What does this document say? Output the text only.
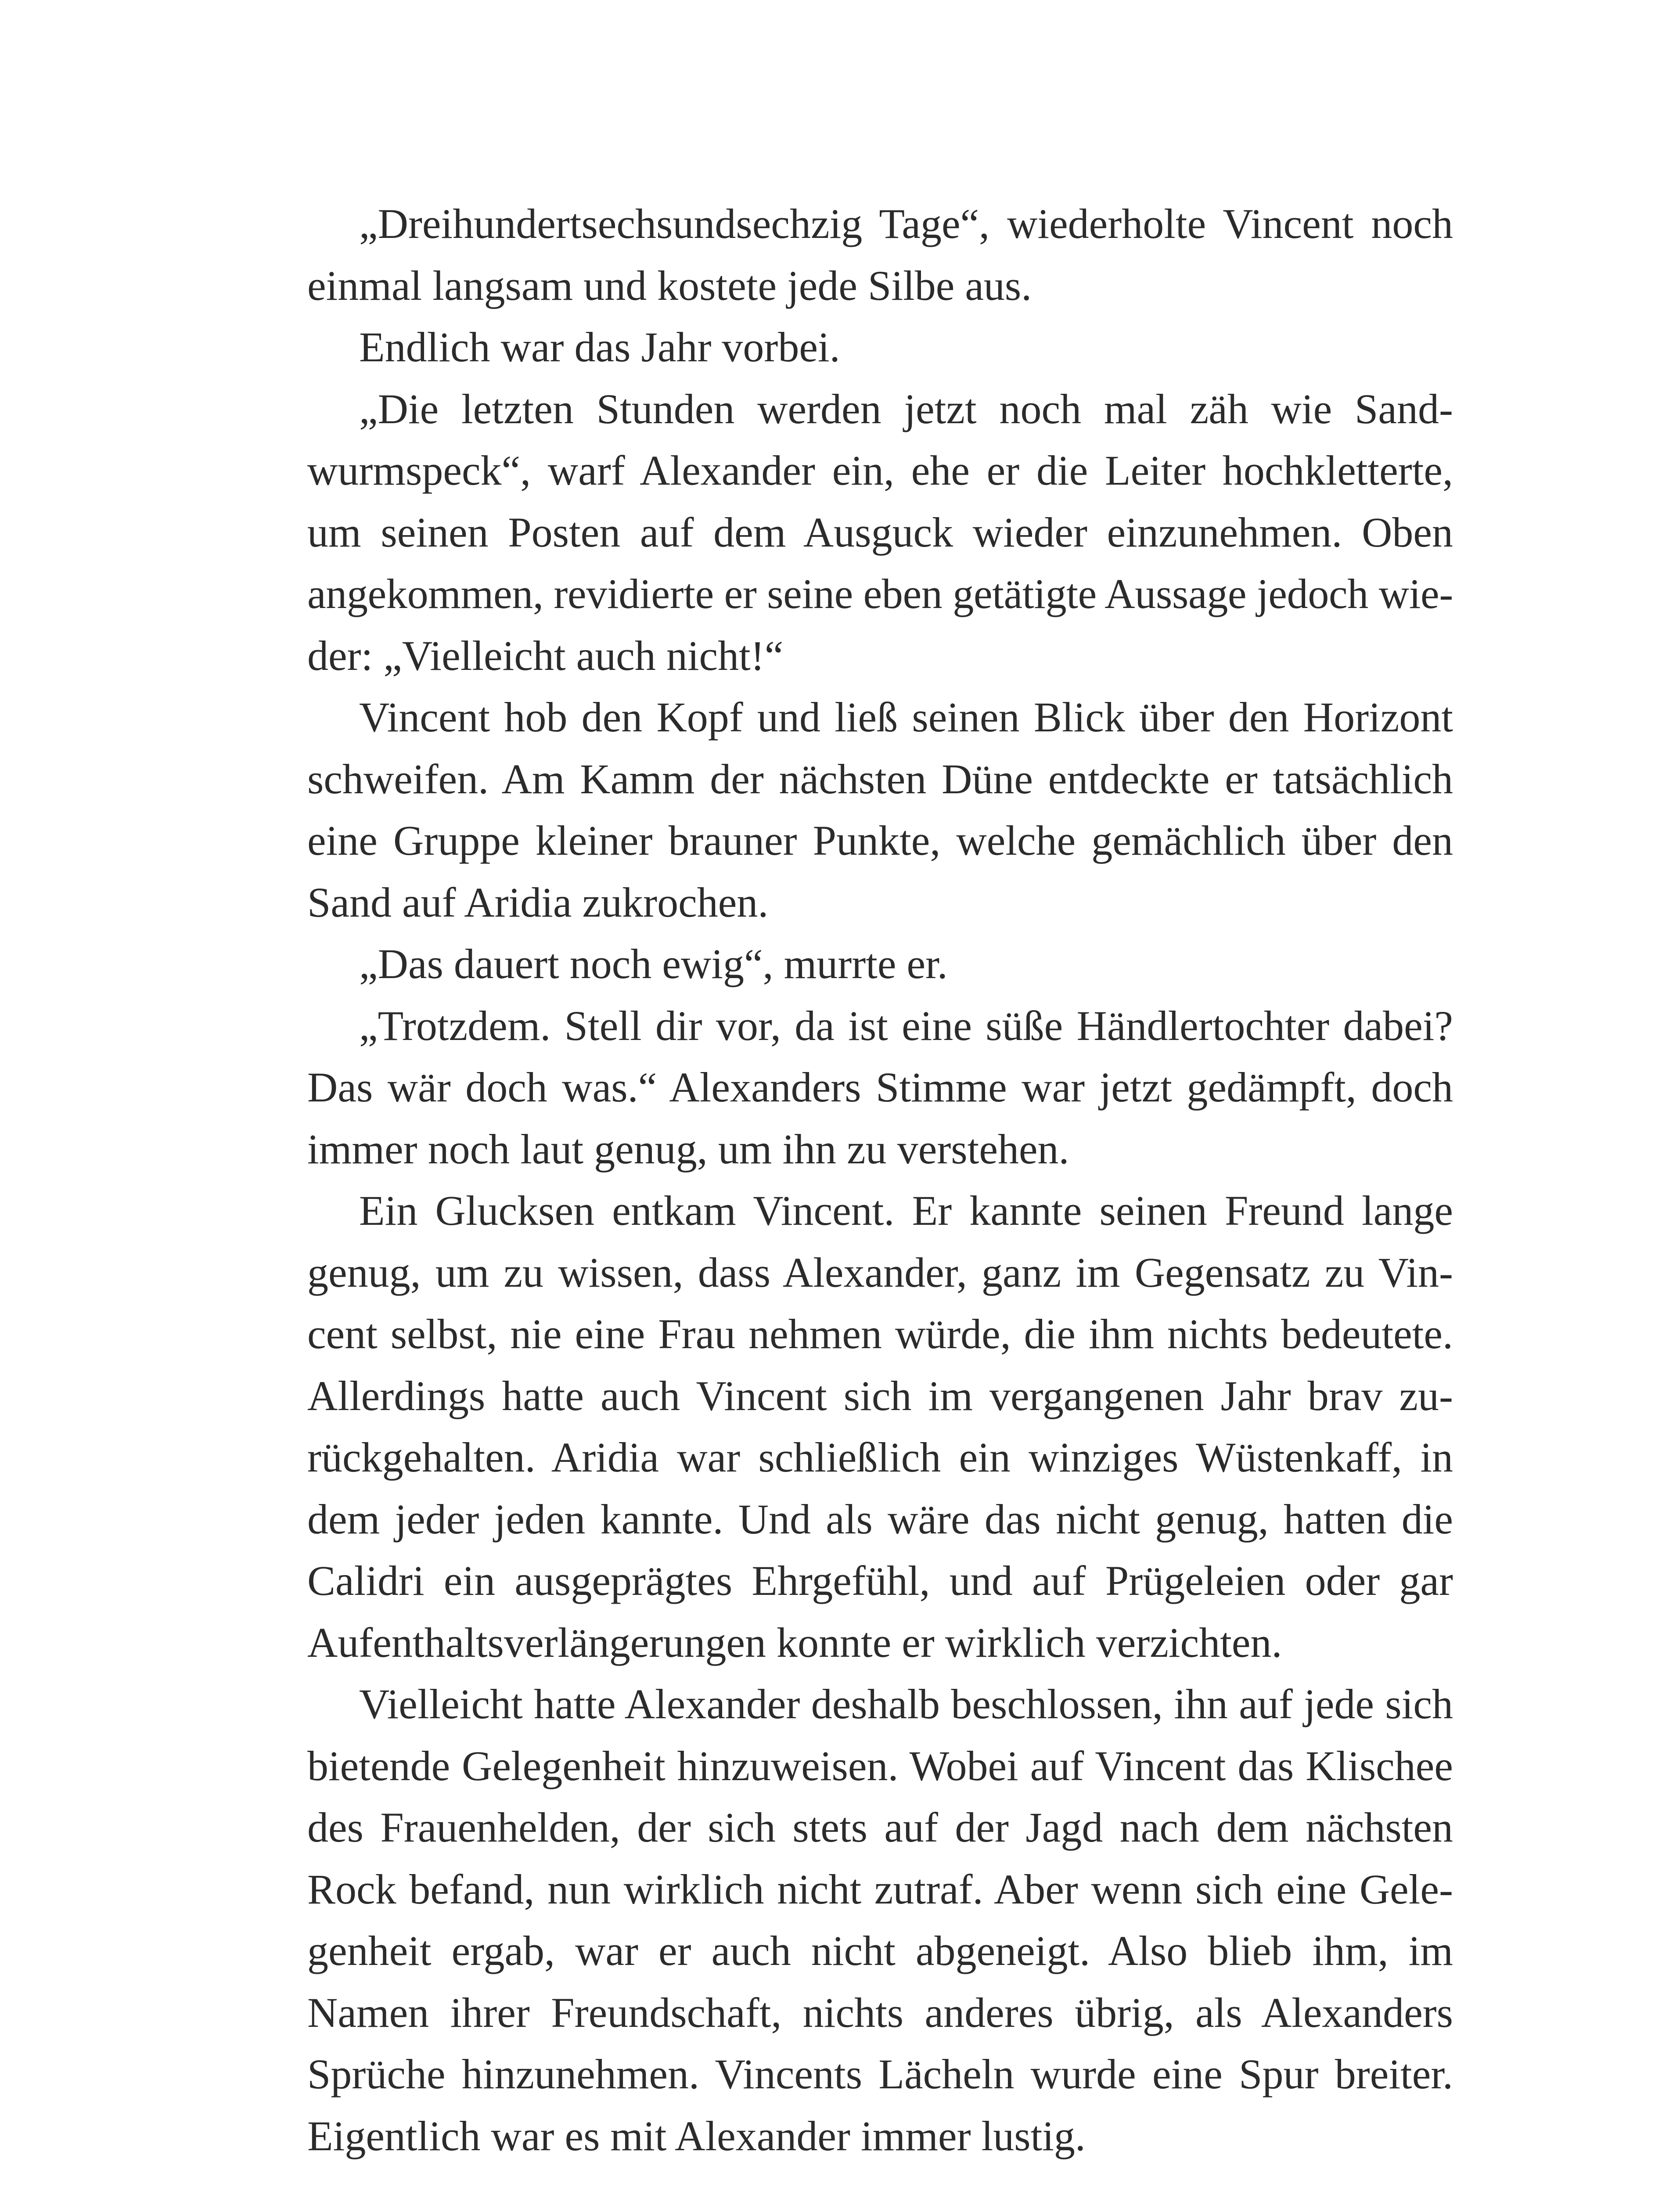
„Dreihundertsechsundsechzig Tage“, wiederholte Vincent noch
einmal langsam und kostete jede Silbe aus.
Endlich war das Jahr vorbei.
„Die letzten Stunden werden jetzt noch mal zäh wie Sand-
wurmspeck“, warf Alexander ein, ehe er die Leiter hochkletterte,
um seinen Posten auf dem Ausguck wieder einzunehmen. Oben
angekommen, revidierte er seine eben getätigte Aussage jedoch wie-
der: „Vielleicht auch nicht!“
Vincent hob den Kopf und ließ seinen Blick über den Horizont
schweifen. Am Kamm der nächsten Düne entdeckte er tatsächlich
eine Gruppe kleiner brauner Punkte, welche gemächlich über den
Sand auf Aridia zukrochen.
„Das dauert noch ewig“, murrte er.
„Trotzdem. Stell dir vor, da ist eine süße Händlertochter dabei?
Das wär doch was.“ Alexanders Stimme war jetzt gedämpft, doch
immer noch laut genug, um ihn zu verstehen.
Ein Glucksen entkam Vincent. Er kannte seinen Freund lange
genug, um zu wissen, dass Alexander, ganz im Gegensatz zu Vin-
cent selbst, nie eine Frau nehmen würde, die ihm nichts bedeutete.
Allerdings hatte auch Vincent sich im vergangenen Jahr brav zu-
rückgehalten. Aridia war schließlich ein winziges Wüstenkaff, in
dem jeder jeden kannte. Und als wäre das nicht genug, hatten die
Calidri ein ausgeprägtes Ehrgefühl, und auf Prügeleien oder gar
Aufenthaltsverlängerungen konnte er wirklich verzichten.
Vielleicht hatte Alexander deshalb beschlossen, ihn auf jede sich
bietende Gelegenheit hinzuweisen. Wobei auf Vincent das Klischee
des Frauenhelden, der sich stets auf der Jagd nach dem nächsten
Rock befand, nun wirklich nicht zutraf. Aber wenn sich eine Gele-
genheit ergab, war er auch nicht abgeneigt. Also blieb ihm, im
Namen ihrer Freundschaft, nichts anderes übrig, als Alexanders
Sprüche hinzunehmen. Vincents Lächeln wurde eine Spur breiter.
Eigentlich war es mit Alexander immer lustig.
